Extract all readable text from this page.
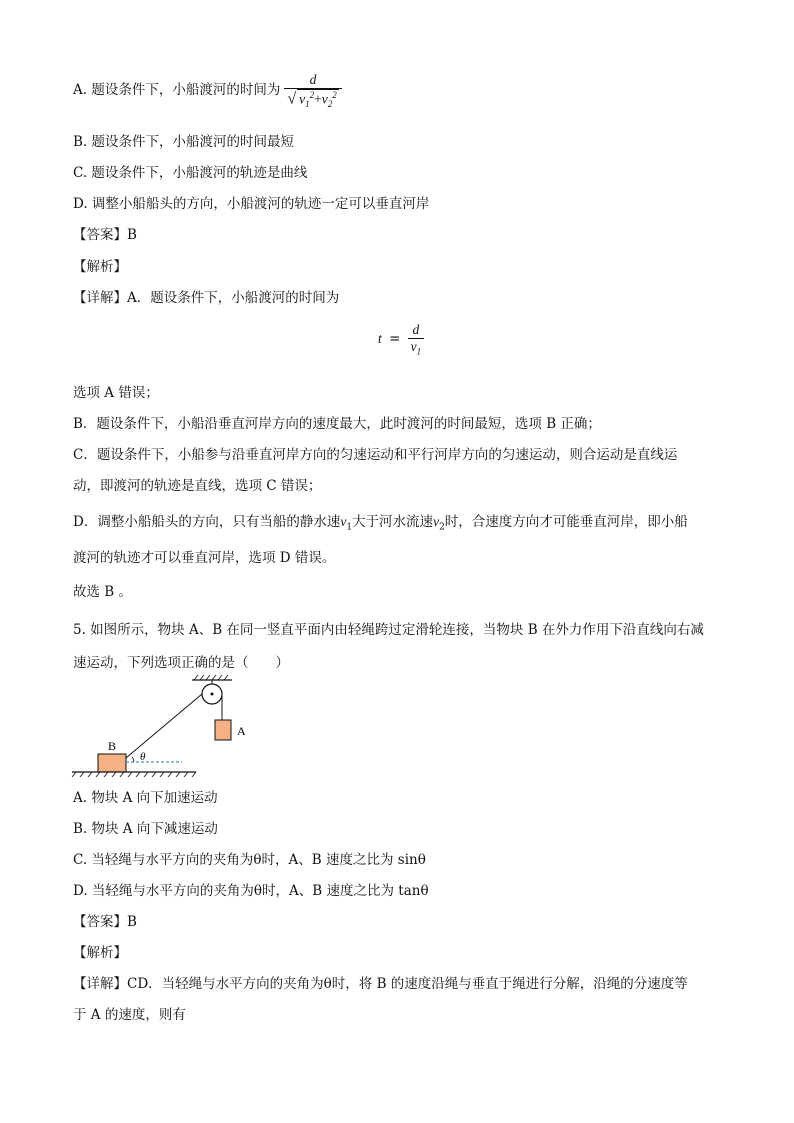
A. 题设条件下，小船渡河的时间为 $\frac{d}{√ v_1^2+v_2^2}$
B. 题设条件下，小船渡河的时间最短
C. 题设条件下，小船渡河的轨迹是曲线
D. 调整小船船头的方向，小船渡河的轨迹一定可以垂直河岸
【答案】B
【解析】
【详解】A．题设条件下，小船渡河的时间为
$t = \frac{d}{v_1}$
选项 A 错误；
B．题设条件下，小船沿垂直河岸方向的速度最大，此时渡河的时间最短，选项 B 正确；
C．题设条件下，小船参与沿垂直河岸方向的匀速运动和平行河岸方向的匀速运动，则合运动是直线运
动，即渡河的轨迹是直线，选项 C 错误；
D．调整小船船头的方向，只有当船的静水速$v_1$大于河水流速$v_2$时，合速度方向才可能垂直河岸，即小船
渡河的轨迹才可以垂直河岸，选项 D 错误。
故选 B 。
5. 如图所示，物块 A、B 在同一竖直平面内由轻绳跨过定滑轮连接，当物块 B 在外力作用下沿直线向右减
速运动，下列选项正确的是（　　）
A
B
θ
A. 物块 A 向下加速运动
B. 物块 A 向下减速运动
C. 当轻绳与水平方向的夹角为θ时，A、B 速度之比为 sinθ
D. 当轻绳与水平方向的夹角为θ时，A、B 速度之比为 tanθ
【答案】B
【解析】
【详解】CD．当轻绳与水平方向的夹角为θ时，将 B 的速度沿绳与垂直于绳进行分解，沿绳的分速度等
于 A 的速度，则有
